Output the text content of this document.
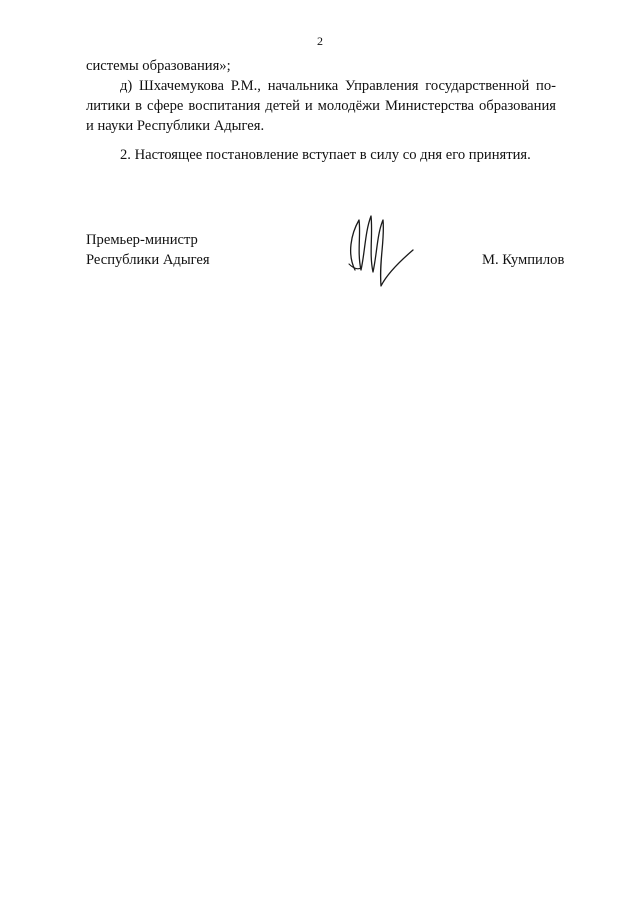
2
системы образования»;
д) Шхачемукова Р.М., начальника Управления государственной по-
литики в сфере воспитания детей и молодёжи Министерства образования
и науки Республики Адыгея.
2. Настоящее постановление вступает в силу со дня его принятия.
Премьер-министр
Республики Адыгея	М. Кумпилов
